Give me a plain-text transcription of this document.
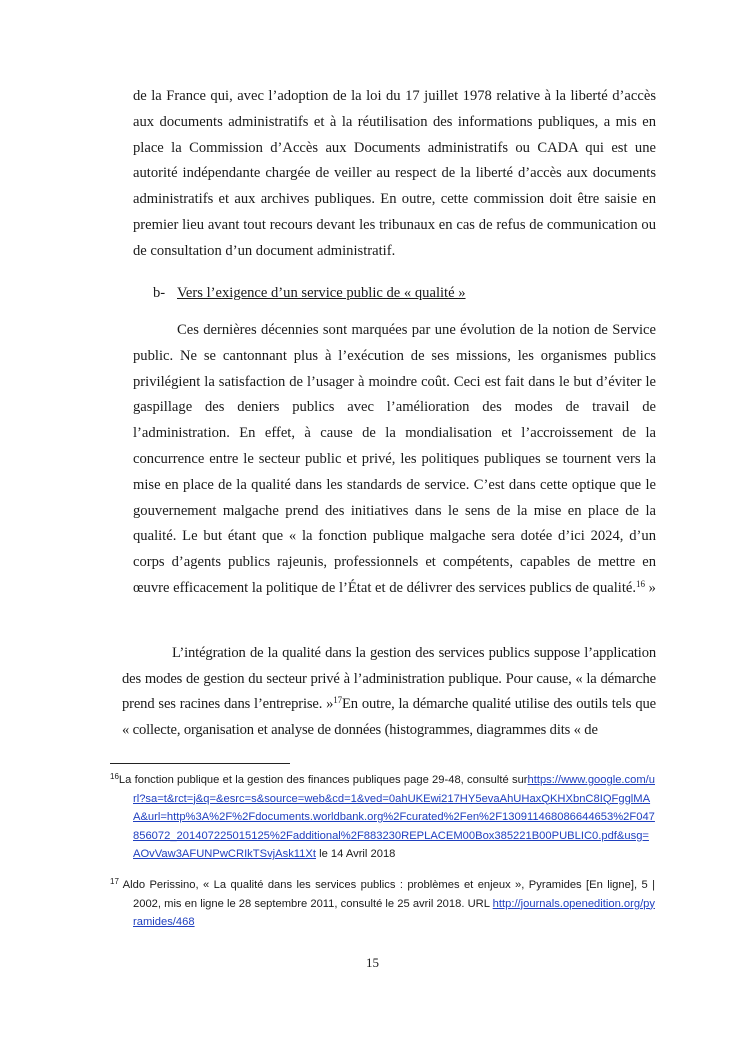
de la France qui, avec l’adoption de la loi du 17 juillet 1978 relative à la liberté d’accès aux documents administratifs et à la réutilisation des informations publiques, a mis en place la Commission d’Accès aux Documents administratifs ou CADA qui est une autorité indépendante chargée de veiller au respect de la liberté d’accès aux documents administratifs et aux archives publiques. En outre, cette commission doit être saisie en premier lieu avant tout recours devant les tribunaux en cas de refus de communication ou de consultation d’un document administratif.

b- Vers l’exigence d’un service public de « qualité »

Ces dernières décennies sont marquées par une évolution de la notion de Service public. Ne se cantonnant plus à l’exécution de ses missions, les organismes publics privilégient la satisfaction de l’usager à moindre coût. Ceci est fait dans le but d’éviter le gaspillage des deniers publics avec l’amélioration des modes de travail de l’administration. En effet, à cause de la mondialisation et l’accroissement de la concurrence entre le secteur public et privé, les politiques publiques se tournent vers la mise en place de la qualité dans les standards de service. C’est dans cette optique que le gouvernement malgache prend des initiatives dans le sens de la mise en place de la qualité. Le but étant que « la fonction publique malgache sera dotée d’ici 2024, d’un corps d’agents publics rajeunis, professionnels et compétents, capables de mettre en œuvre efficacement la politique de l’État et de délivrer des services publics de qualité.$^{16}$ »

L’intégration de la qualité dans la gestion des services publics suppose l’application des modes de gestion du secteur privé à l’administration publique. Pour cause, « la démarche prend ses racines dans l’entreprise. »$^{17}$En outre, la démarche qualité utilise des outils tels que « collecte, organisation et analyse de données (histogrammes, diagrammes dits « de

$^{16}$La fonction publique et la gestion des finances publiques page 29-48, consulté surhttps://www.google.com/url?sa=t&rct=j&q=&esrc=s&source=web&cd=1&ved=0ahUKEwi217HY5evaAhUHaxQKHXbnC8IQFgglMAA&url=http%3A%2F%2Fdocuments.worldbank.org%2Fcurated%2Fen%2F130911468086644653%2F047856072_201407225015125%2Fadditional%2F883230REPLACEM00Box385221B00PUBLIC0.pdf&usg=AOvVaw3AFUNPwCRIkTSvjAsk11Xt le 14 Avril 2018

$^{17}$ Aldo Perissino, « La qualité dans les services publics : problèmes et enjeux », Pyramides [En ligne], 5 | 2002, mis en ligne le 28 septembre 2011, consulté le 25 avril 2018. URL http://journals.openedition.org/pyramides/468

15
